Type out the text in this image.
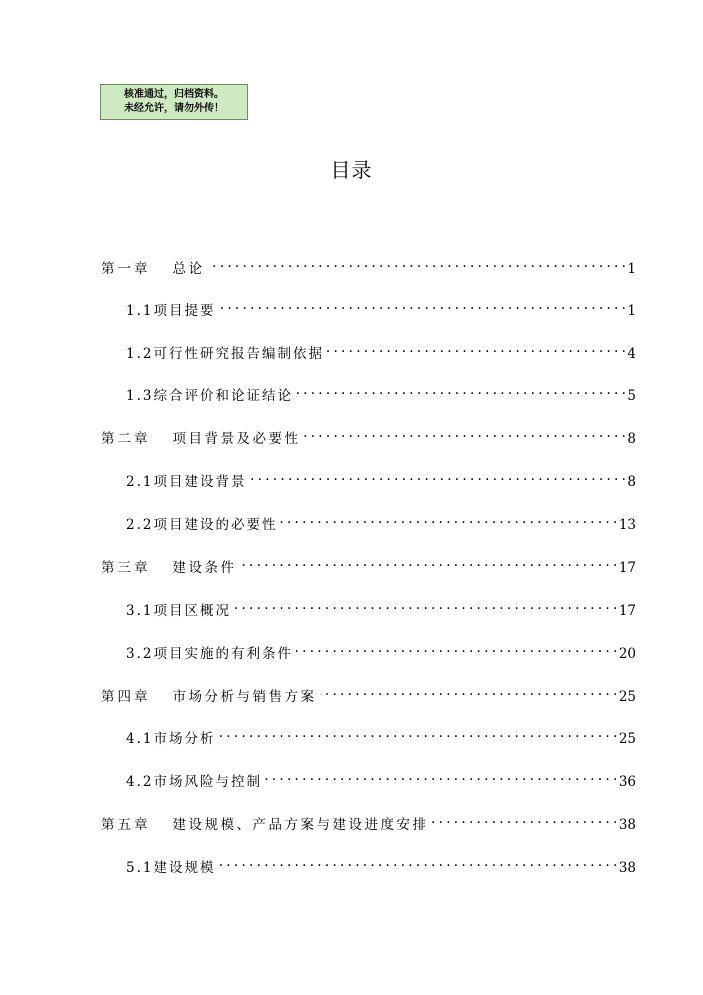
核准通过，归档资料。
未经允许，请勿外传！
目录
第一章 总论 . . .	1
1.1项目提要 . . .	1
1.2可行性研究报告编制依据 . . .	4
1.3综合评价和论证结论 . . .	5
第二章 项目背景及必要性 . . .	8
2.1项目建设背景 . . .	8
2.2项目建设的必要性 . . .	13
第三章 建设条件 . . .	17
3.1项目区概况 . . .	17
3.2项目实施的有利条件 . . .	20
第四章 市场分析与销售方案 . . .	25
4.1市场分析 . . .	25
4.2市场风险与控制 . . .	36
第五章 建设规模、产品方案与建设进度安排 . . .	38
5.1建设规模 . . .	38
